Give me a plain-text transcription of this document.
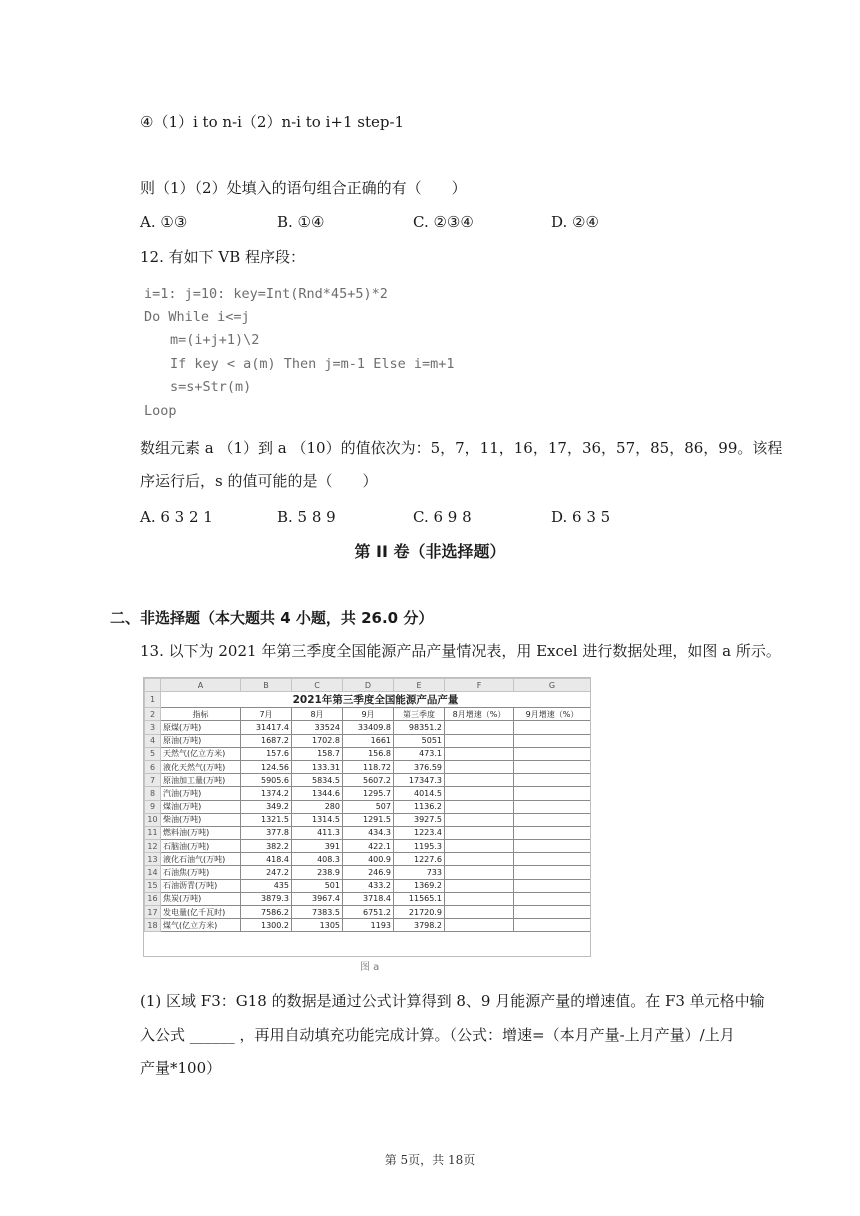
④（1）i to n-i（2）n-i to i+1 step-1
则（1）（2）处填入的语句组合正确的有（　　）
A. ①③	B. ①④	C. ②③④	D. ②④
12. 有如下 VB 程序段：
i=1: j=10: key=Int(Rnd*45+5)*2
Do While i<=j
m=(i+j+1)\2
If key < a(m) Then j=m-1 Else i=m+1
s=s+Str(m)
Loop
数组元素 a （1）到 a （10）的值依次为：5，7，11，16，17，36，57，85，86，99。该程
序运行后，s 的值可能的是（　　）
A. 6 3 2 1	B. 5 8 9	C. 6 9 8	D. 6 3 5
第 II 卷（非选择题）
二、非选择题（本大题共 4 小题，共 26.0 分）
13. 以下为 2021 年第三季度全国能源产品产量情况表，用 Excel 进行数据处理，如图 a 所示。
	A	B	C	D	E	F	G
1	2021年第三季度全国能源产品产量						
2	指标	7月	8月	9月	第三季度	8月增速（%）	9月增速（%）
3	原煤(万吨)	31417.4	33524	33409.8	98351.2		
4	原油(万吨)	1687.2	1702.8	1661	5051		
5	天然气(亿立方米)	157.6	158.7	156.8	473.1		
6	液化天然气(万吨)	124.56	133.31	118.72	376.59		
7	原油加工量(万吨)	5905.6	5834.5	5607.2	17347.3		
8	汽油(万吨)	1374.2	1344.6	1295.7	4014.5		
9	煤油(万吨)	349.2	280	507	1136.2		
10	柴油(万吨)	1321.5	1314.5	1291.5	3927.5		
11	燃料油(万吨)	377.8	411.3	434.3	1223.4		
12	石脑油(万吨)	382.2	391	422.1	1195.3		
13	液化石油气(万吨)	418.4	408.3	400.9	1227.6		
14	石油焦(万吨)	247.2	238.9	246.9	733		
15	石油沥青(万吨)	435	501	433.2	1369.2		
16	焦炭(万吨)	3879.3	3967.4	3718.4	11565.1		
17	发电量(亿千瓦时)	7586.2	7383.5	6751.2	21720.9		
18	煤气(亿立方米)	1300.2	1305	1193	3798.2		
图 a
(1) 区域 F3：G18 的数据是通过公式计算得到 8、9 月能源产量的增速值。在 F3 单元格中输
入公式 ______ ，再用自动填充功能完成计算。（公式：增速=（本月产量-上月产量）/上月
产量*100）
第 5页，共 18页
